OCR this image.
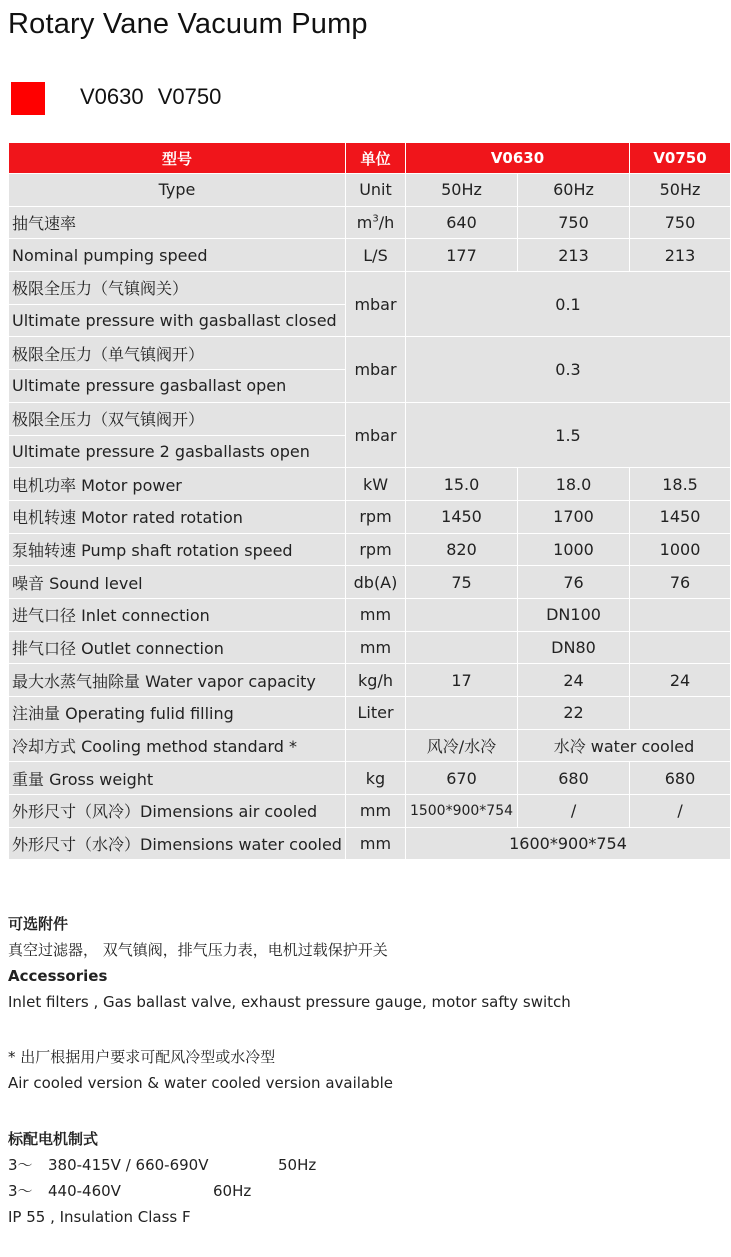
Rotary Vane Vacuum Pump
V0630 V0750
型号	单位	V0630		V0750
Type	Unit	50Hz	60Hz	50Hz
抽气速率	$m^3/h$	640	750	750
Nominal pumping speed	L/S	177	213	213
极限全压力（气镇阀关）	mbar	0.1		
Ultimate pressure with gasballast closed				
极限全压力（单气镇阀开）	mbar	0.3		
Ultimate pressure gasballast open				
极限全压力（双气镇阀开）	mbar	1.5		
Ultimate pressure 2 gasballasts open				
电机功率 Motor power	kW	15.0	18.0	18.5
电机转速 Motor rated rotation	rpm	1450	1700	1450
泵轴转速 Pump shaft rotation speed	rpm	820	1000	1000
噪音 Sound level	db(A)	75	76	76
进气口径 Inlet connection	mm		DN100	
排气口径 Outlet connection	mm		DN80	
最大水蒸气抽除量 Water vapor capacity	kg/h	17	24	24
注油量 Operating fulid filling	Liter		22	
冷却方式 Cooling method standard *		风冷/水冷	水冷 water cooled	
重量 Gross weight	kg	670	680	680
外形尺寸（风冷）Dimensions air cooled	mm	1500*900*754	/	/
外形尺寸（水冷）Dimensions water cooled	mm	1600*900*754		
可选附件
真空过滤器， 双气镇阀，排气压力表，电机过载保护开关
Accessories
Inlet filters , Gas ballast valve, exhaust pressure gauge, motor safty switch
* 出厂根据用户要求可配风冷型或水冷型
Air cooled version & water cooled version available
标配电机制式
3～	380-415V / 660-690V	50Hz
3～	440-460V	60Hz
IP 55 , Insulation Class F
